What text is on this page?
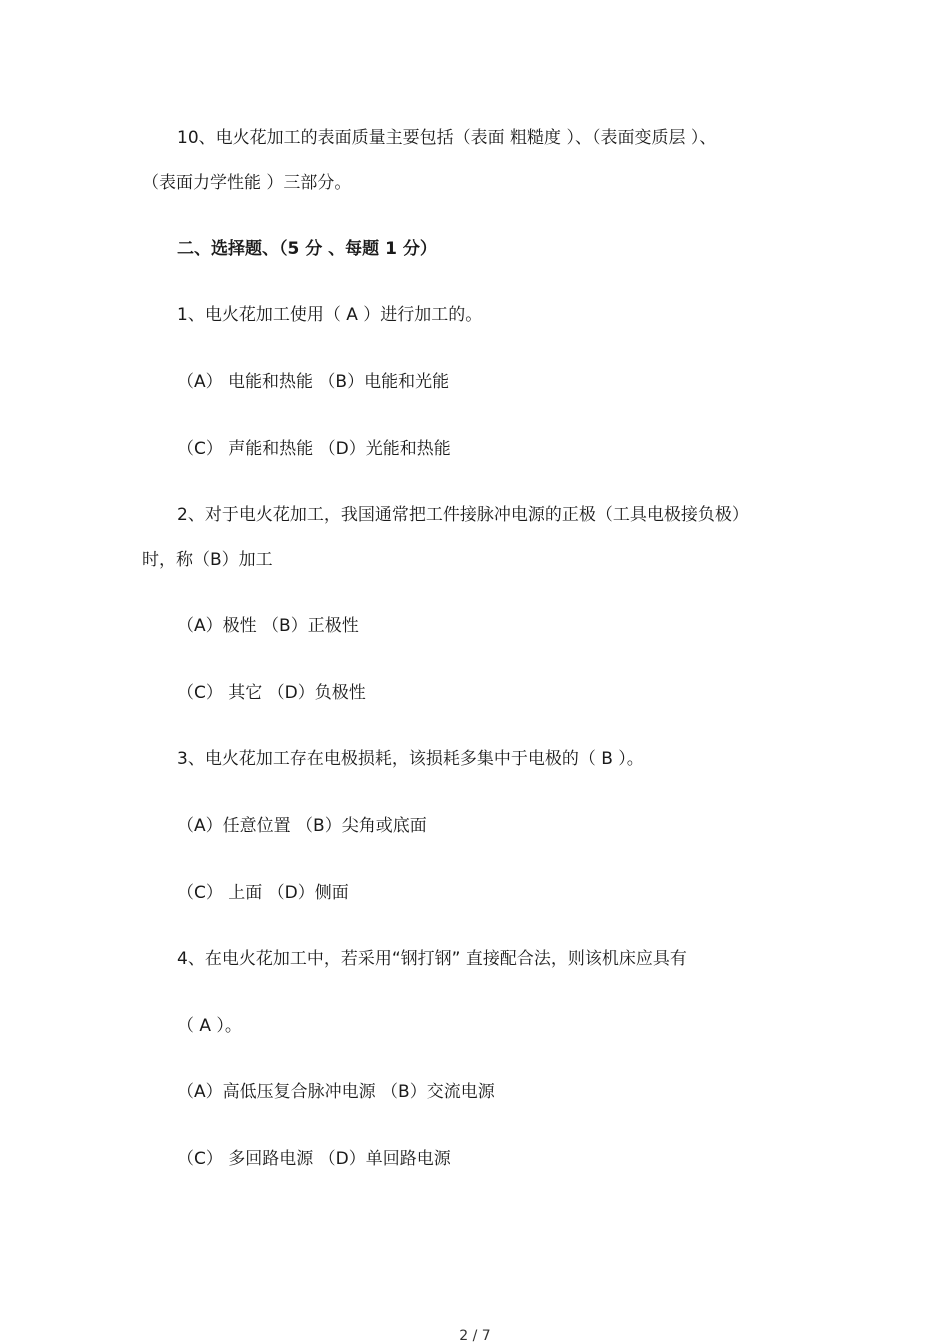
10、电火花加工的表面质量主要包括（表面 粗糙度 ）、（表面变质层 ）、
（表面力学性能 ）三部分。
二、选择题、（5 分 、每题 1 分）
1、电火花加工使用（ A ）进行加工的。
（A） 电能和热能 （B）电能和光能
（C） 声能和热能 （D）光能和热能
2、对于电火花加工，我国通常把工件接脉冲电源的正极（工具电极接负极）
时，称（B）加工
（A）极性 （B）正极性
（C） 其它 （D）负极性
3、电火花加工存在电极损耗，该损耗多集中于电极的（ B ）。
（A）任意位置 （B）尖角或底面
（C） 上面 （D）侧面
4、在电火花加工中，若采用“钢打钢” 直接配合法，则该机床应具有
（ A ）。
（A）高低压复合脉冲电源 （B）交流电源
（C） 多回路电源 （D）单回路电源
2 / 7
